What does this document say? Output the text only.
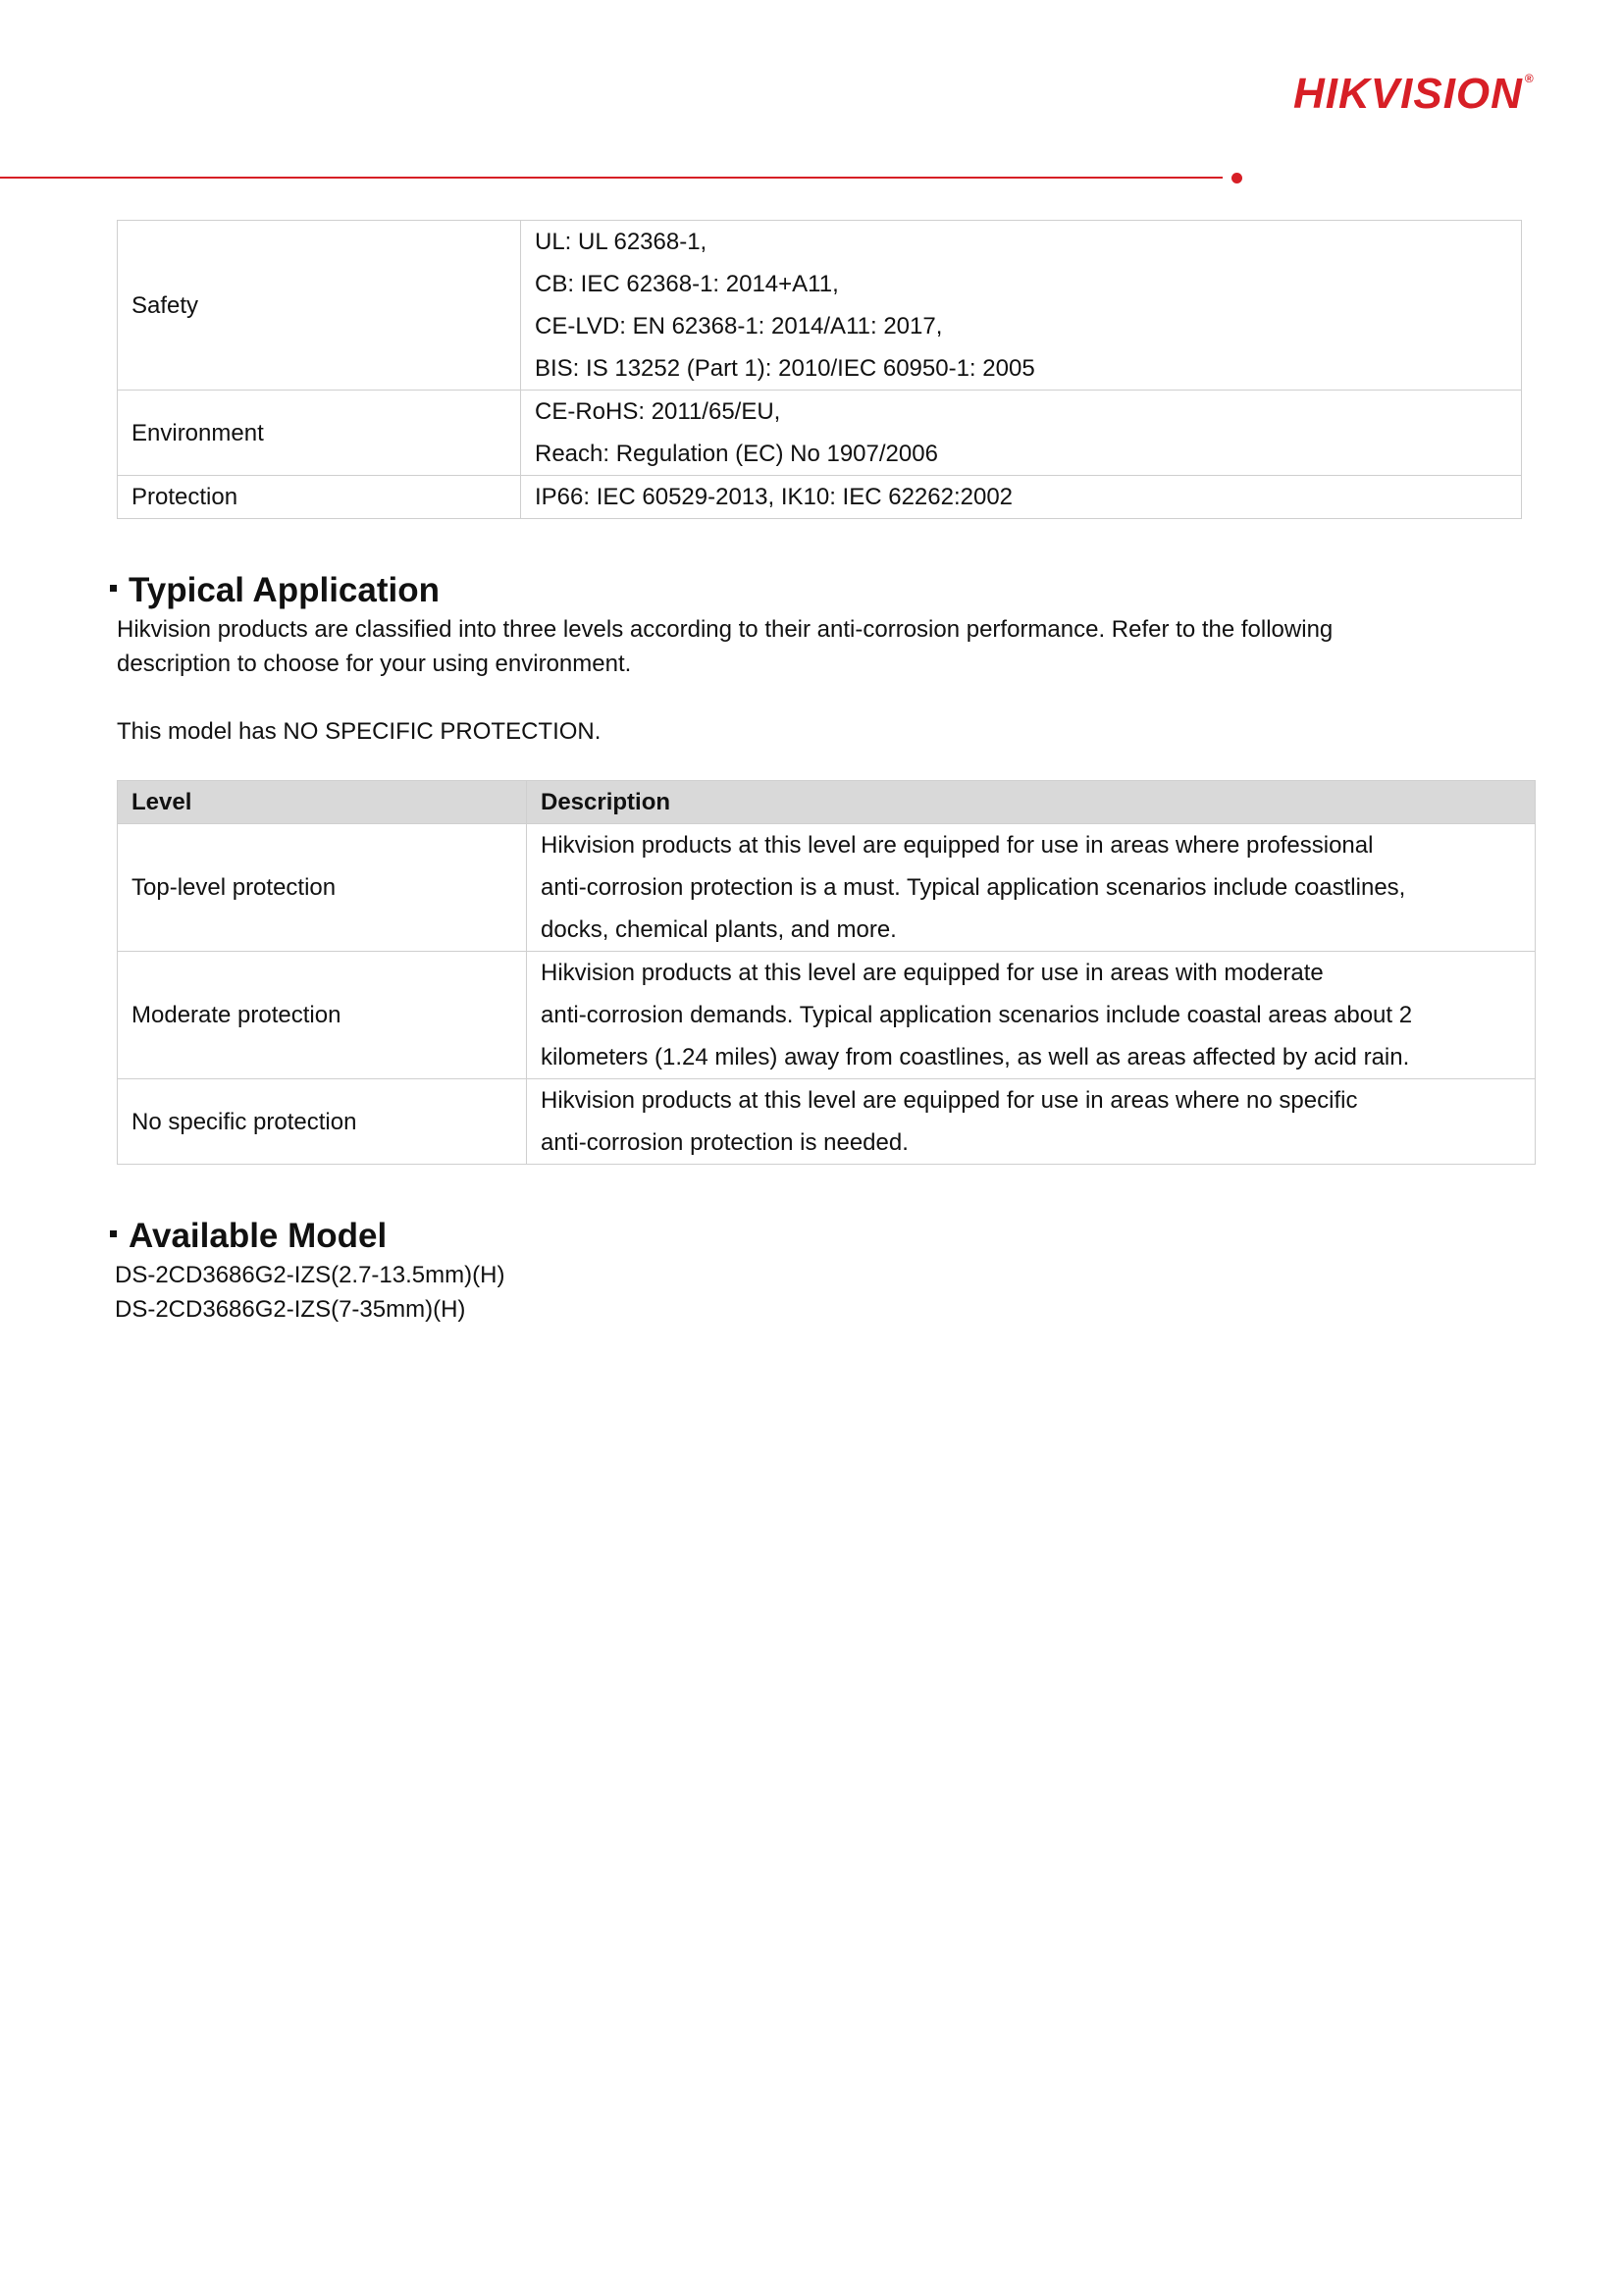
HIKVISION ®
Safety	UL: UL 62368-1,
CB: IEC 62368-1: 2014+A11,
CE-LVD: EN 62368-1: 2014/A11: 2017,
BIS: IS 13252 (Part 1): 2010/IEC 60950-1: 2005

Environment	CE-RoHS: 2011/65/EU,
Reach: Regulation (EC) No 1907/2006

Protection	IP66: IEC 60529-2013, IK10: IEC 62262:2002
Typical Application
Hikvision products are classified into three levels according to their anti-corrosion performance. Refer to the following
description to choose for your using environment.
This model has NO SPECIFIC PROTECTION.
Level	Description
Top-level protection	Hikvision products at this level are equipped for use in areas where professional
anti-corrosion protection is a must. Typical application scenarios include coastlines,
docks, chemical plants, and more.

Moderate protection	Hikvision products at this level are equipped for use in areas with moderate
anti-corrosion demands. Typical application scenarios include coastal areas about 2
kilometers (1.24 miles) away from coastlines, as well as areas affected by acid rain.

No specific protection	Hikvision products at this level are equipped for use in areas where no specific
anti-corrosion protection is needed.
Available Model
DS-2CD3686G2-IZS(2.7-13.5mm)(H)
DS-2CD3686G2-IZS(7-35mm)(H)
